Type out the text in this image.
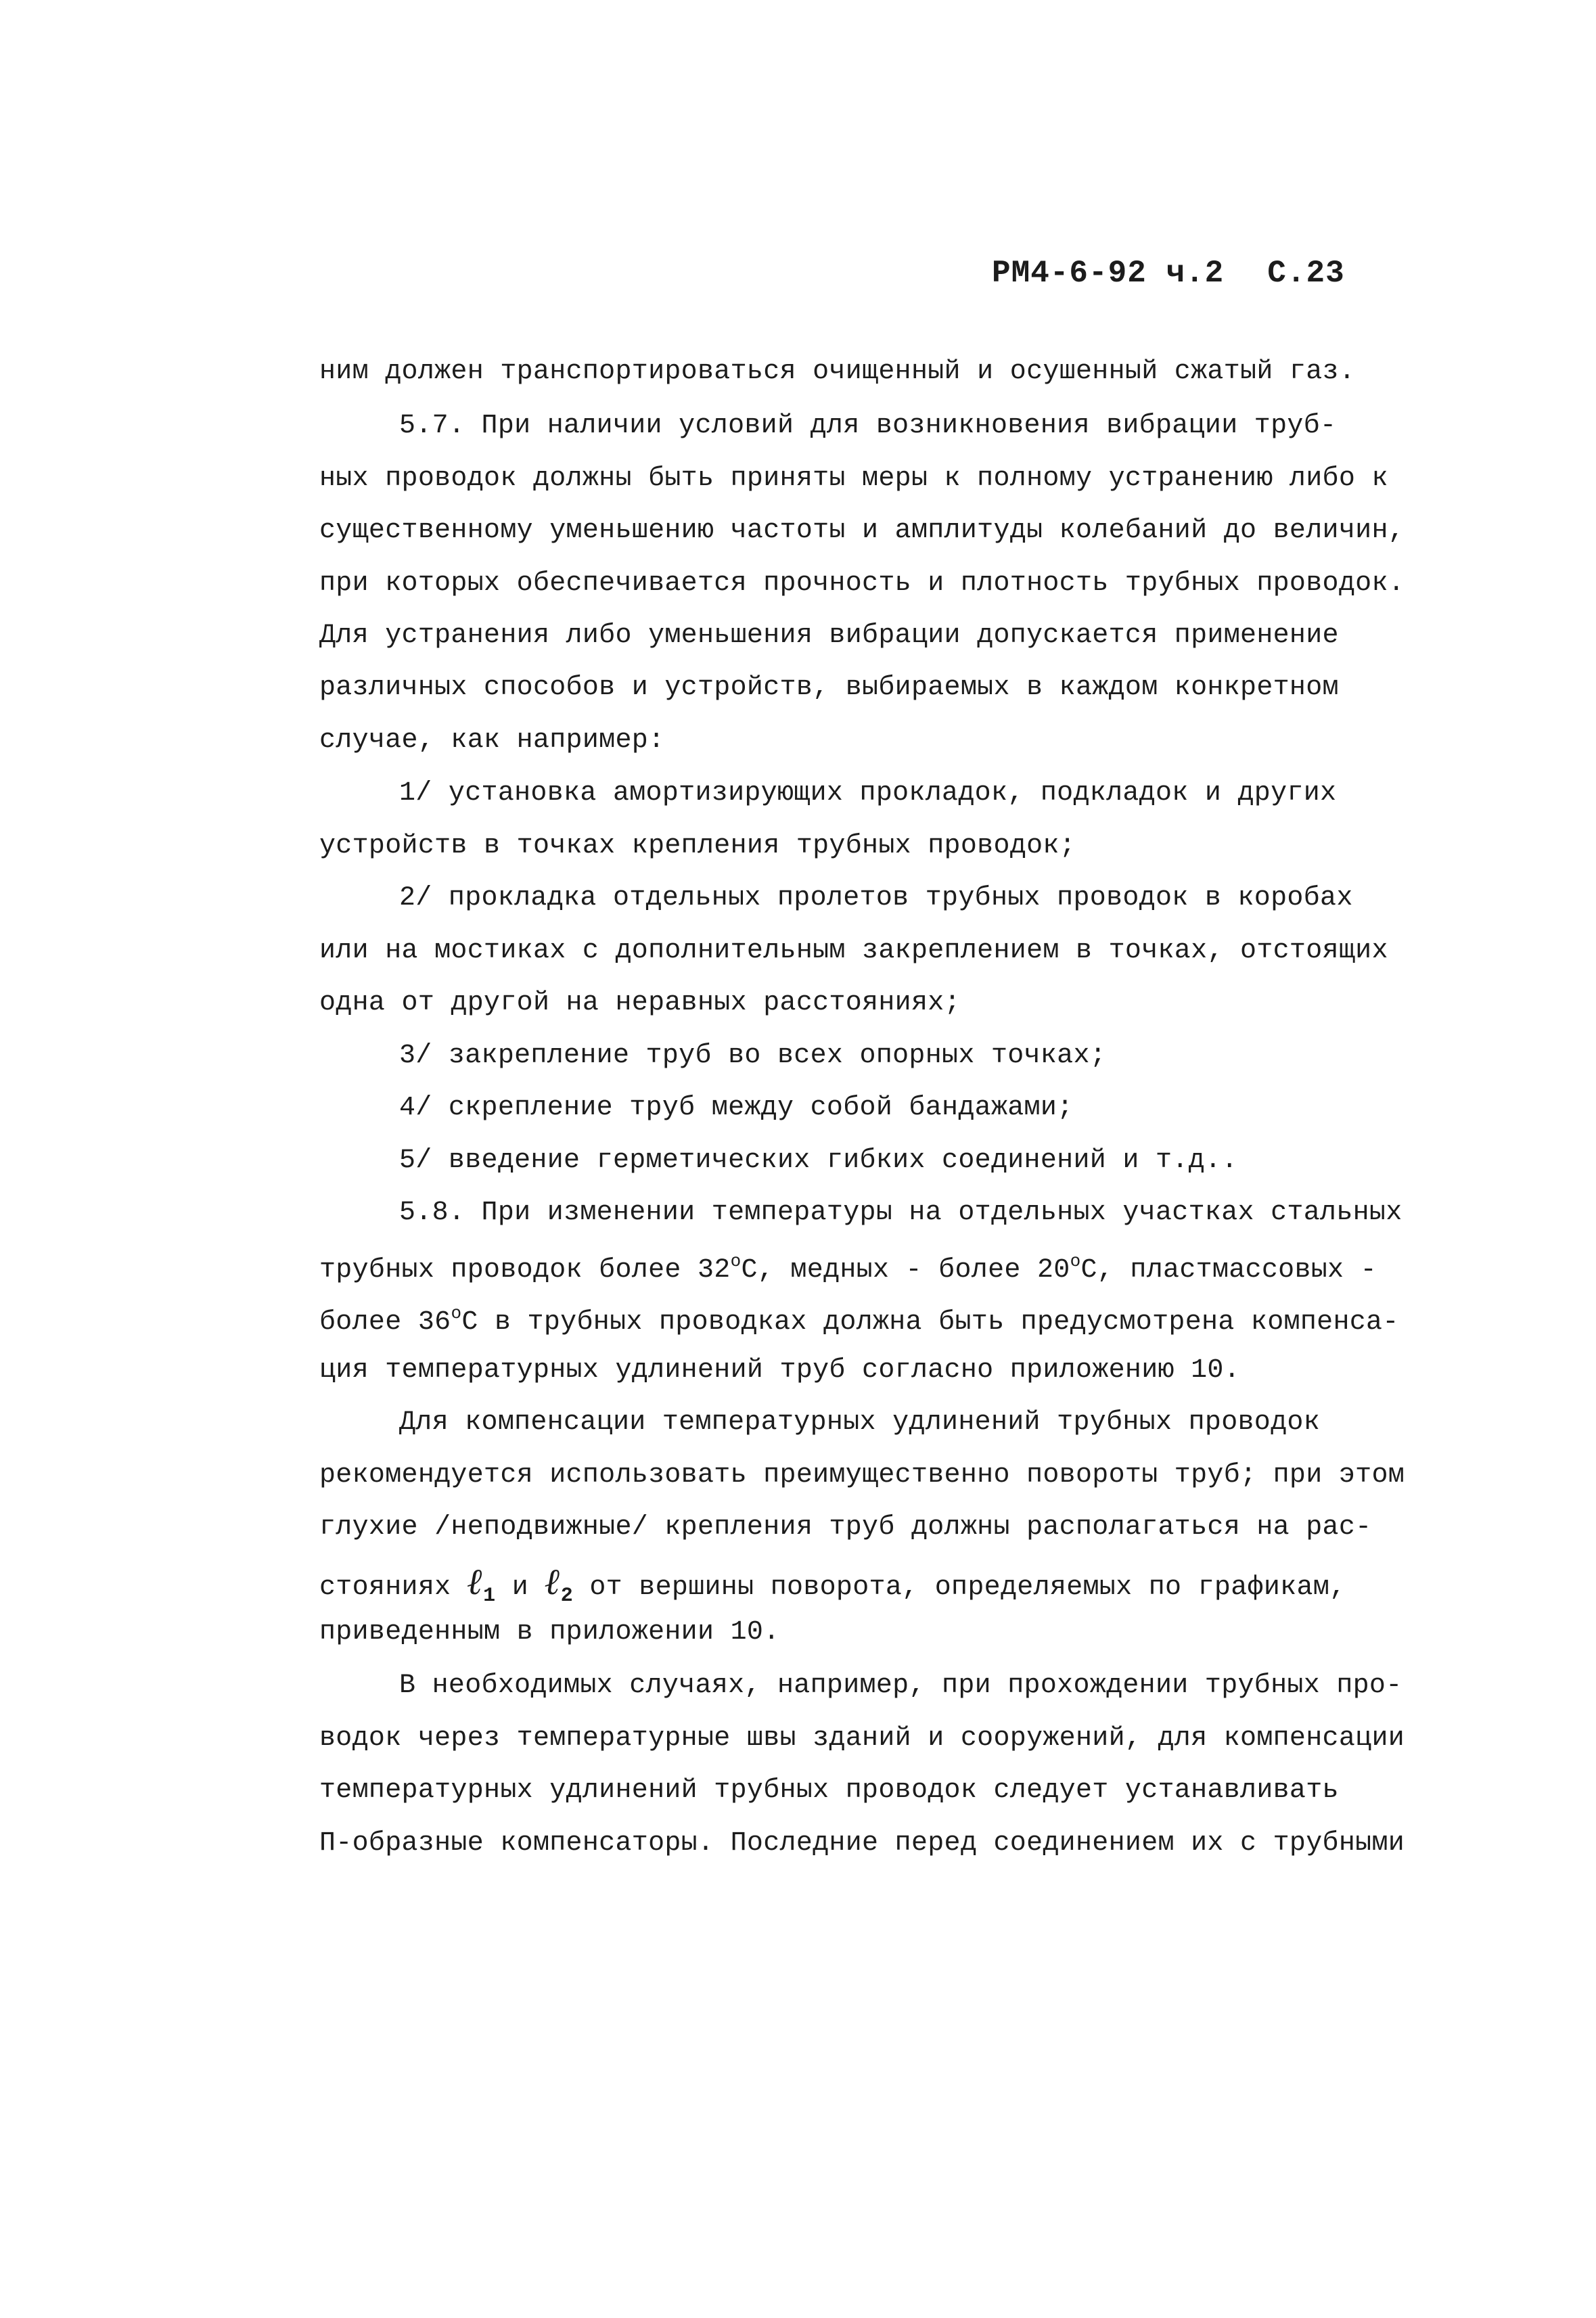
РМ4-6-92 ч.2 С.23
ним должен транспортироваться очищенный и осушенный сжатый газ.
5.7. При наличии условий для возникновения вибрации труб-
ных проводок должны быть приняты меры к полному устранению либо к
существенному уменьшению частоты и амплитуды колебаний до величин,
при которых обеспечивается прочность и плотность трубных проводок.
Для устранения либо уменьшения вибрации допускается применение
различных способов и устройств, выбираемых в каждом конкретном
случае, как например:
1/ установка амортизирующих прокладок, подкладок и других
устройств в точках крепления трубных проводок;
2/ прокладка отдельных пролетов трубных проводок в коробах
или на мостиках с дополнительным закреплением в точках, отстоящих
одна от другой на неравных расстояниях;
3/ закрепление труб во всех опорных точках;
4/ скрепление труб между собой бандажами;
5/ введение герметических гибких соединений и т.д..
5.8. При изменении температуры на отдельных участках стальных
трубных проводок более $32^оС$, медных - более $20^оС$, пластмассовых -
более $36^оС$ в трубных проводках должна быть предусмотрена компенса-
ция температурных удлинений труб согласно приложению 10.
Для компенсации температурных удлинений трубных проводок
рекомендуется использовать преимущественно повороты труб; при этом
глухие /неподвижные/ крепления труб должны располагаться на рас-
стояниях ℓ$_1$ и ℓ$_2$ от вершины поворота, определяемых по графикам,
приведенным в приложении 10.
В необходимых случаях, например, при прохождении трубных про-
водок через температурные швы зданий и сооружений, для компенсации
температурных удлинений трубных проводок следует устанавливать
П-образные компенсаторы. Последние перед соединением их с трубными
